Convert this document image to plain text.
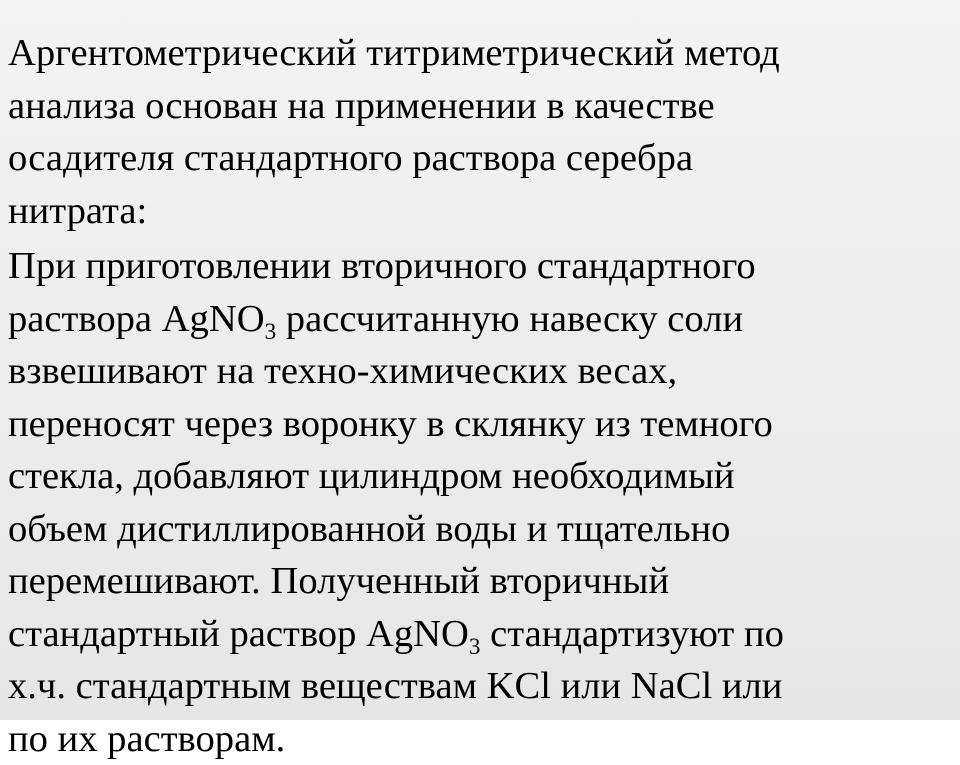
Аргентометрический титриметрический метод
анализа основан на применении в качестве
осадителя стандартного раствора серебра
нитрата:

При приготовлении вторичного стандартного
раствора AgNO$_3$ рассчитанную навеску соли
взвешивают на техно-химических весах,
переносят через воронку в склянку из темного
стекла, добавляют цилиндром необходимый
объем дистиллированной воды и тщательно
перемешивают. Полученный вторичный
стандартный раствор AgNO$_3$ стандартизуют по
х.ч. стандартным веществам KCl или NaCl или
по их растворам.
